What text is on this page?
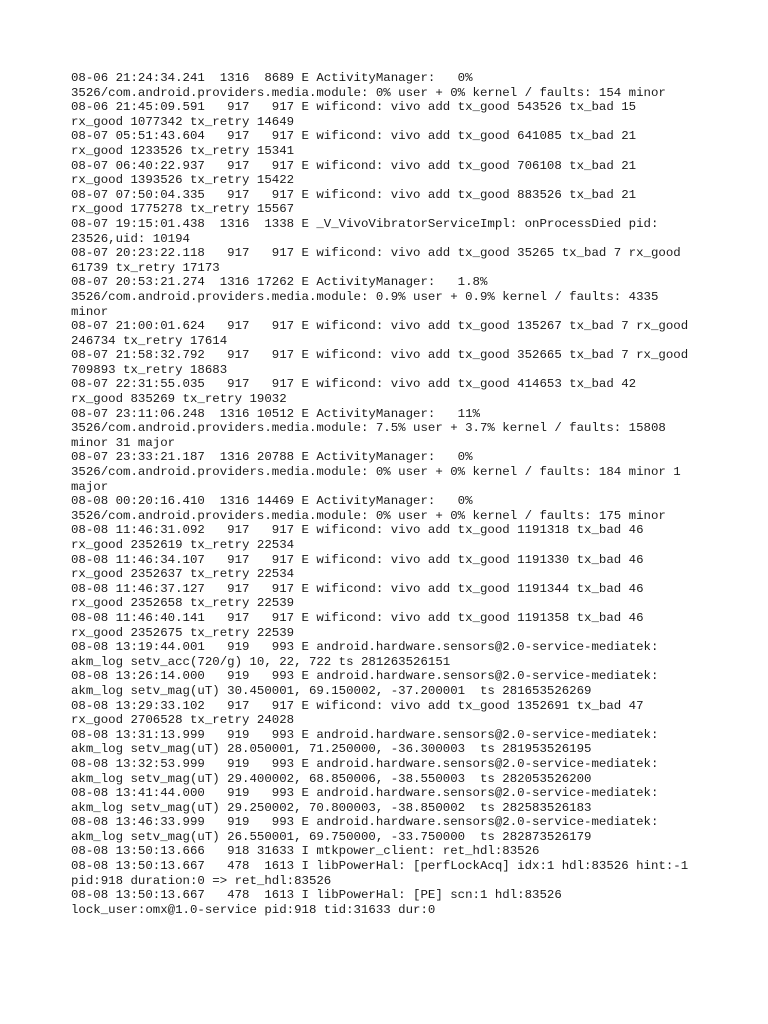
08-06 21:24:34.241  1316  8689 E ActivityManager:   0%
3526/com.android.providers.media.module: 0% user + 0% kernel / faults: 154 minor
08-06 21:45:09.591   917   917 E wificond: vivo add tx_good 543526 tx_bad 15
rx_good 1077342 tx_retry 14649
08-07 05:51:43.604   917   917 E wificond: vivo add tx_good 641085 tx_bad 21
rx_good 1233526 tx_retry 15341
08-07 06:40:22.937   917   917 E wificond: vivo add tx_good 706108 tx_bad 21
rx_good 1393526 tx_retry 15422
08-07 07:50:04.335   917   917 E wificond: vivo add tx_good 883526 tx_bad 21
rx_good 1775278 tx_retry 15567
08-07 19:15:01.438  1316  1338 E _V_VivoVibratorServiceImpl: onProcessDied pid:
23526,uid: 10194
08-07 20:23:22.118   917   917 E wificond: vivo add tx_good 35265 tx_bad 7 rx_good
61739 tx_retry 17173
08-07 20:53:21.274  1316 17262 E ActivityManager:   1.8%
3526/com.android.providers.media.module: 0.9% user + 0.9% kernel / faults: 4335
minor
08-07 21:00:01.624   917   917 E wificond: vivo add tx_good 135267 tx_bad 7 rx_good
246734 tx_retry 17614
08-07 21:58:32.792   917   917 E wificond: vivo add tx_good 352665 tx_bad 7 rx_good
709893 tx_retry 18683
08-07 22:31:55.035   917   917 E wificond: vivo add tx_good 414653 tx_bad 42
rx_good 835269 tx_retry 19032
08-07 23:11:06.248  1316 10512 E ActivityManager:   11%
3526/com.android.providers.media.module: 7.5% user + 3.7% kernel / faults: 15808
minor 31 major
08-07 23:33:21.187  1316 20788 E ActivityManager:   0%
3526/com.android.providers.media.module: 0% user + 0% kernel / faults: 184 minor 1
major
08-08 00:20:16.410  1316 14469 E ActivityManager:   0%
3526/com.android.providers.media.module: 0% user + 0% kernel / faults: 175 minor
08-08 11:46:31.092   917   917 E wificond: vivo add tx_good 1191318 tx_bad 46
rx_good 2352619 tx_retry 22534
08-08 11:46:34.107   917   917 E wificond: vivo add tx_good 1191330 tx_bad 46
rx_good 2352637 tx_retry 22534
08-08 11:46:37.127   917   917 E wificond: vivo add tx_good 1191344 tx_bad 46
rx_good 2352658 tx_retry 22539
08-08 11:46:40.141   917   917 E wificond: vivo add tx_good 1191358 tx_bad 46
rx_good 2352675 tx_retry 22539
08-08 13:19:44.001   919   993 E android.hardware.sensors@2.0-service-mediatek:
akm_log setv_acc(720/g) 10, 22, 722 ts 281263526151
08-08 13:26:14.000   919   993 E android.hardware.sensors@2.0-service-mediatek:
akm_log setv_mag(uT) 30.450001, 69.150002, -37.200001  ts 281653526269
08-08 13:29:33.102   917   917 E wificond: vivo add tx_good 1352691 tx_bad 47
rx_good 2706528 tx_retry 24028
08-08 13:31:13.999   919   993 E android.hardware.sensors@2.0-service-mediatek:
akm_log setv_mag(uT) 28.050001, 71.250000, -36.300003  ts 281953526195
08-08 13:32:53.999   919   993 E android.hardware.sensors@2.0-service-mediatek:
akm_log setv_mag(uT) 29.400002, 68.850006, -38.550003  ts 282053526200
08-08 13:41:44.000   919   993 E android.hardware.sensors@2.0-service-mediatek:
akm_log setv_mag(uT) 29.250002, 70.800003, -38.850002  ts 282583526183
08-08 13:46:33.999   919   993 E android.hardware.sensors@2.0-service-mediatek:
akm_log setv_mag(uT) 26.550001, 69.750000, -33.750000  ts 282873526179
08-08 13:50:13.666   918 31633 I mtkpower_client: ret_hdl:83526
08-08 13:50:13.667   478  1613 I libPowerHal: [perfLockAcq] idx:1 hdl:83526 hint:-1
pid:918 duration:0 => ret_hdl:83526
08-08 13:50:13.667   478  1613 I libPowerHal: [PE] scn:1 hdl:83526
lock_user:omx@1.0-service pid:918 tid:31633 dur:0
